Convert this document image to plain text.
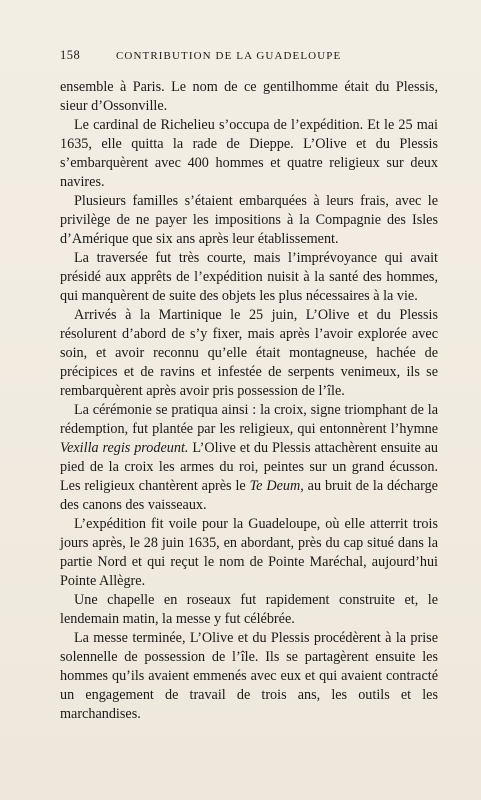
158	CONTRIBUTION DE LA GUADELOUPE

ensemble à Paris. Le nom de ce gentilhomme était du Plessis, sieur d’Ossonville.

Le cardinal de Richelieu s’occupa de l’expédition. Et le 25 mai 1635, elle quitta la rade de Dieppe. L’Olive et du Plessis s’embarquèrent avec 400 hommes et quatre religieux sur deux navires.

Plusieurs familles s’étaient embarquées à leurs frais, avec le privilège de ne payer les impositions à la Compagnie des Isles d’Amérique que six ans après leur établissement.

La traversée fut très courte, mais l’imprévoyance qui avait présidé aux apprêts de l’expédition nuisit à la santé des hommes, qui manquèrent de suite des objets les plus nécessaires à la vie.

Arrivés à la Martinique le 25 juin, L’Olive et du Plessis résolurent d’abord de s’y fixer, mais après l’avoir explorée avec soin, et avoir reconnu qu’elle était montagneuse, hachée de précipices et de ravins et infestée de serpents venimeux, ils se rembarquèrent après avoir pris possession de l’île.

La cérémonie se pratiqua ainsi : la croix, signe triomphant de la rédemption, fut plantée par les religieux, qui entonnèrent l’hymne Vexilla regis prodeunt. L’Olive et du Plessis attachèrent ensuite au pied de la croix les armes du roi, peintes sur un grand écusson. Les religieux chantèrent après le Te Deum, au bruit de la décharge des canons des vaisseaux.

L’expédition fit voile pour la Guadeloupe, où elle atterrit trois jours après, le 28 juin 1635, en abordant, près du cap situé dans la partie Nord et qui reçut le nom de Pointe Maréchal, aujourd’hui Pointe Allègre.

Une chapelle en roseaux fut rapidement construite et, le lendemain matin, la messe y fut célébrée.

La messe terminée, L’Olive et du Plessis procédèrent à la prise solennelle de possession de l’île. Ils se partagèrent ensuite les hommes qu’ils avaient emmenés avec eux et qui avaient contracté un engagement de travail de trois ans, les outils et les marchandises.
